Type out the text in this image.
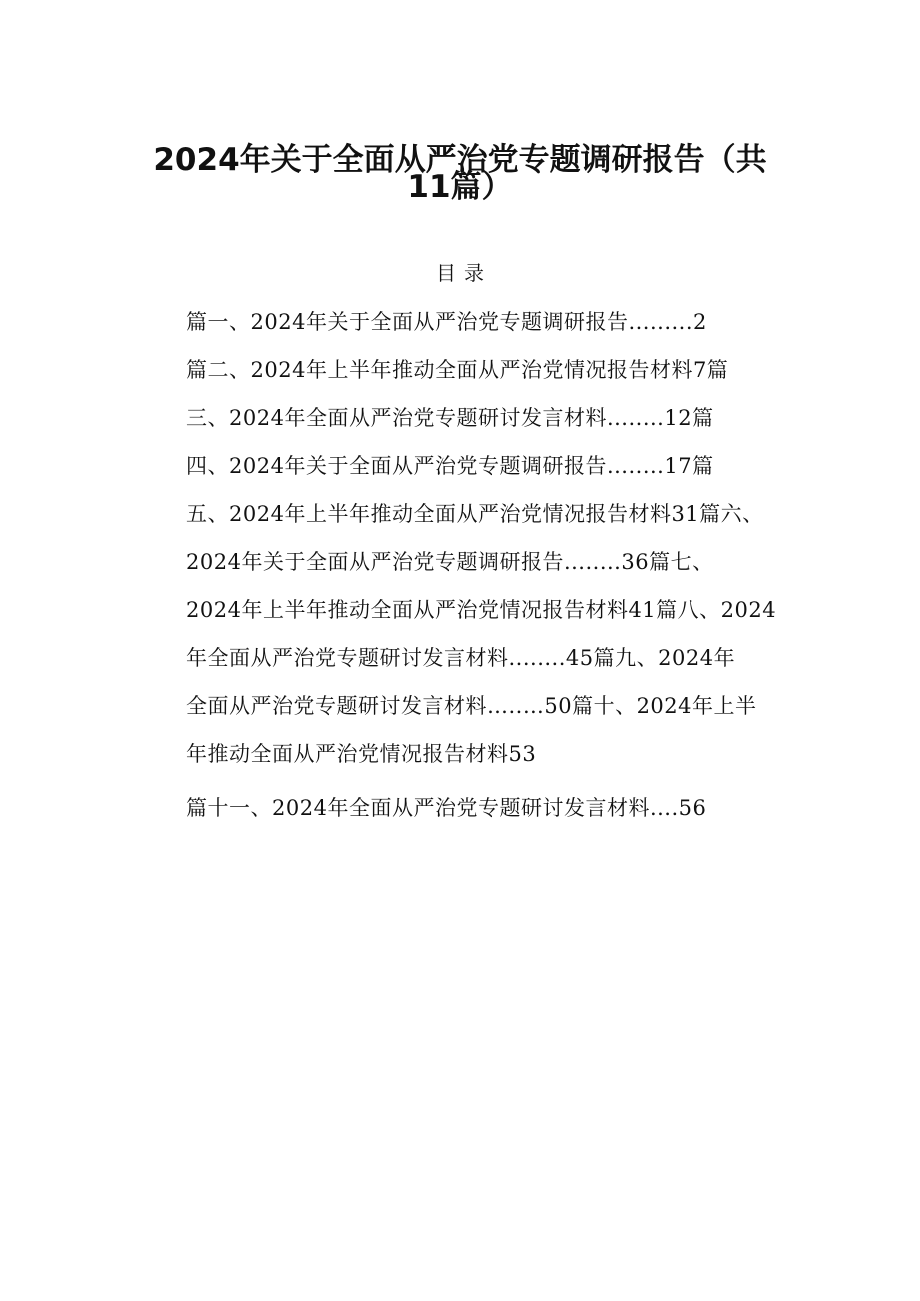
2024年关于全面从严治党专题调研报告（共
11篇）
目录
篇一、2024年关于全面从严治党专题调研报告.........2
篇二、2024年上半年推动全面从严治党情况报告材料7篇
三、2024年全面从严治党专题研讨发言材料........12篇
四、2024年关于全面从严治党专题调研报告........17篇
五、2024年上半年推动全面从严治党情况报告材料31篇六、
2024年关于全面从严治党专题调研报告........36篇七、
2024年上半年推动全面从严治党情况报告材料41篇八、2024
年全面从严治党专题研讨发言材料........45篇九、2024年
全面从严治党专题研讨发言材料…..…50篇十、2024年上半
年推动全面从严治党情况报告材料53
篇十一、2024年全面从严治党专题研讨发言材料....56
